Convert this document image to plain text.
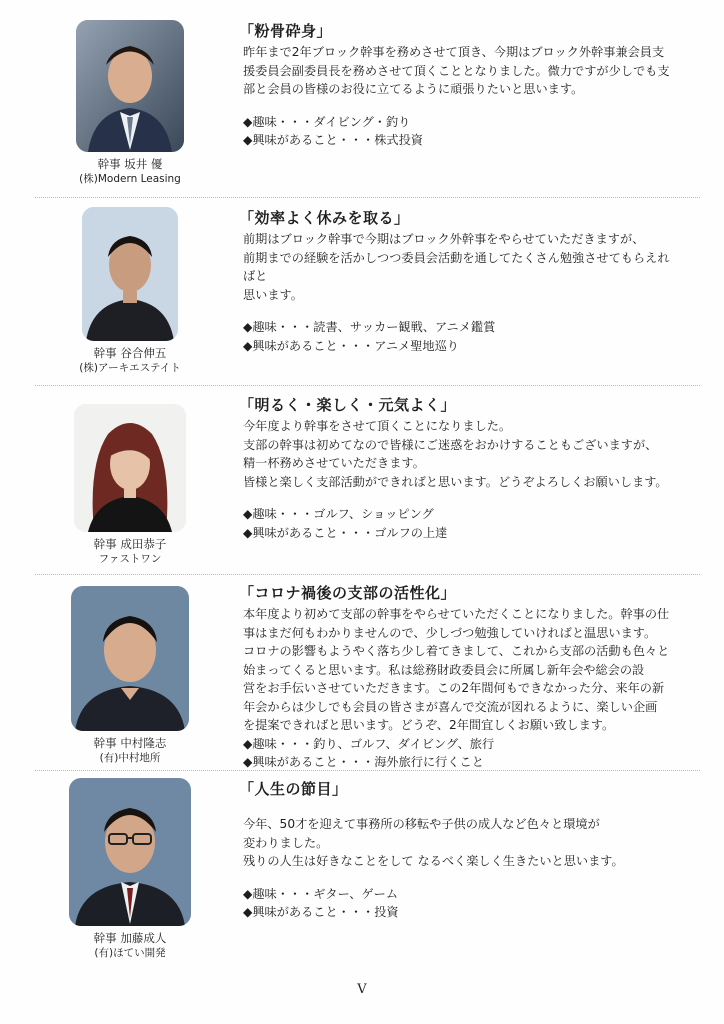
幹事 坂井 優
(株)Modern Leasing
「粉骨砕身」

昨年まで2年ブロック幹事を務めさせて頂き、今期はブロック外幹事兼会員支

援委員会副委員長を務めさせて頂くこととなりました。微力ですが少しでも支

部と会員の皆様のお役に立てるように頑張りたいと思います。

◆趣味・・・ダイビング・釣り

◆興味があること・・・株式投資

幹事 谷合伸五
(株)アーキエステイト
「効率よく休みを取る」

前期はブロック幹事で今期はブロック外幹事をやらせていただきますが、

前期までの経験を活かしつつ委員会活動を通してたくさん勉強させてもらえれ

ばと

思います。

◆趣味・・・読書、サッカー観戦、アニメ鑑賞

◆興味があること・・・アニメ聖地巡り

幹事 成田恭子
ファストワン
「明るく・楽しく・元気よく」

今年度より幹事をさせて頂くことになりました。

支部の幹事は初めてなので皆様にご迷惑をおかけすることもございますが、

精一杯務めさせていただきます。

皆様と楽しく支部活動ができればと思います。どうぞよろしくお願いします。

◆趣味・・・ゴルフ、ショッピング

◆興味があること・・・ゴルフの上達

幹事 中村隆志
(有)中村地所
「コロナ禍後の支部の活性化」

本年度より初めて支部の幹事をやらせていただくことになりました。幹事の仕

事はまだ何もわかりませんので、少しづつ勉強していければと温思います。

コロナの影響もようやく落ち少し着てきまして、これから支部の活動も色々と

始まってくると思います。私は総務財政委員会に所属し新年会や総会の設

営をお手伝いさせていただきます。この2年間何もできなかった分、来年の新

年会からは少しでも会員の皆さまが喜んで交流が図れるように、楽しい企画

を提案できればと思います。どうぞ、2年間宜しくお願い致します。

◆趣味・・・釣り、ゴルフ、ダイビング、旅行

◆興味があること・・・海外旅行に行くこと

幹事 加藤成人
(有)ほてい開発
「人生の節目」

今年、50才を迎えて事務所の移転や子供の成人など色々と環境が

変わりました。

残りの人生は好きなことをして なるべく楽しく生きたいと思います。

◆趣味・・・ギター、ゲーム

◆興味があること・・・投資

V
